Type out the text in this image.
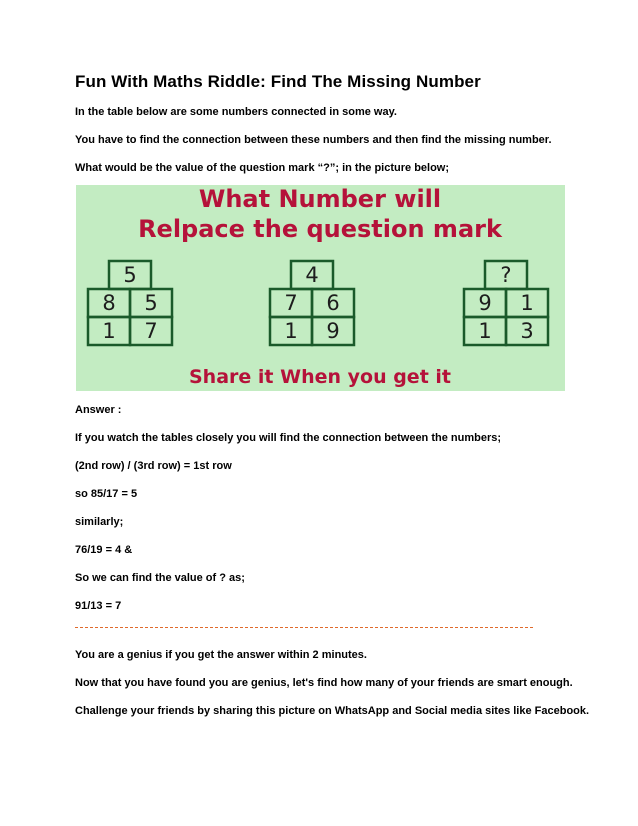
Fun With Maths Riddle: Find The Missing Number
In the table below are some numbers connected in some way.
You have to find the connection between these numbers and then find the missing number.
What would be the value of the question mark “?”; in the picture below;
What Number will
Relpace the question mark
5
8 5
1 7
4
7 6
1 9
?
9 1
1 3
Share it When you get it
Answer :
If you watch the tables closely you will find the connection between the numbers;
(2nd row) / (3rd row) = 1st row
so 85/17 = 5
similarly;
76/19 = 4 &
So we can find the value of ? as;
91/13 = 7
You are a genius if you get the answer within 2 minutes.
Now that you have found you are genius, let's find how many of your friends are smart enough.
Challenge your friends by sharing this picture on WhatsApp and Social media sites like Facebook.
